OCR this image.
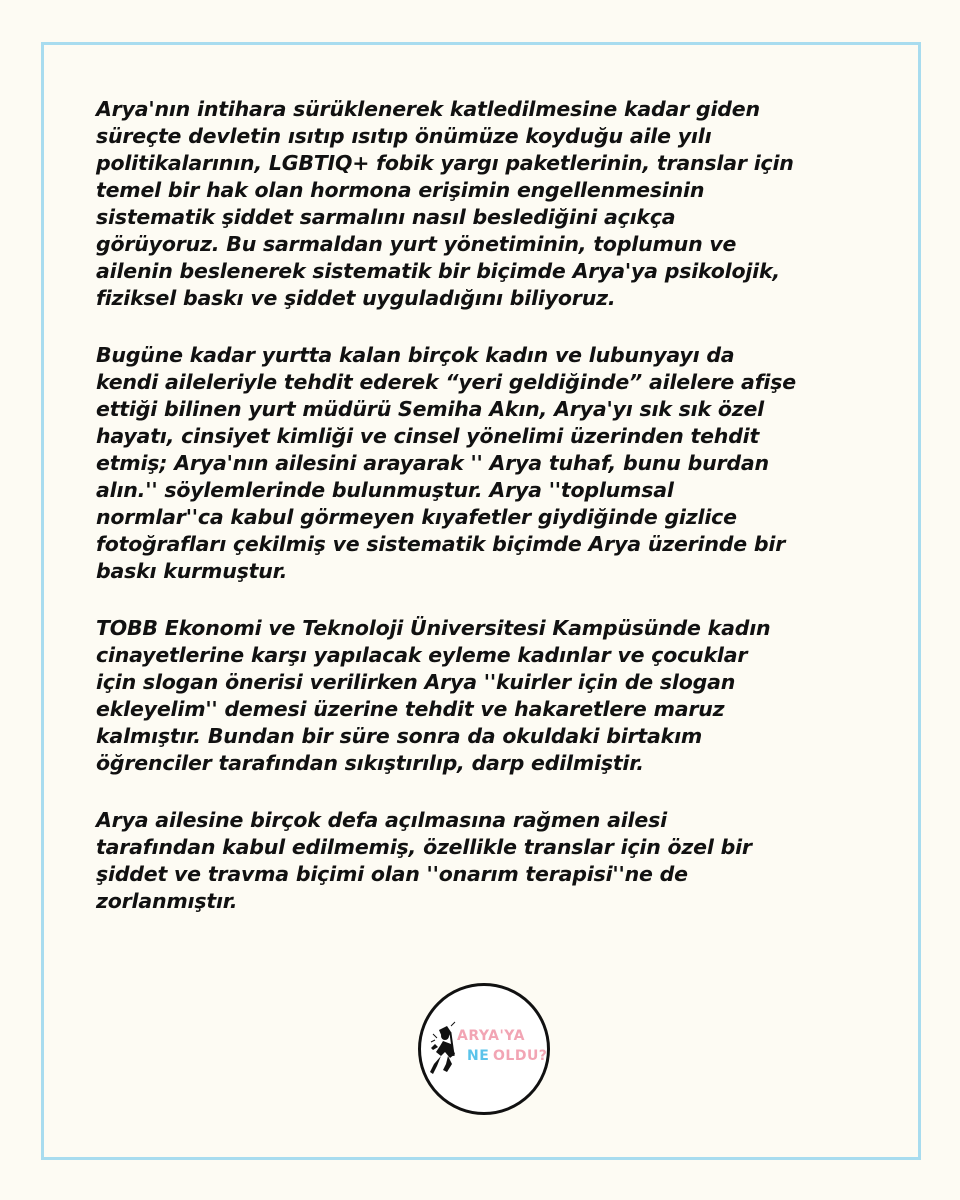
Arya'nın intihara sürüklenerek katledilmesine kadar giden
süreçte devletin ısıtıp ısıtıp önümüze koyduğu aile yılı
politikalarının, LGBTIQ+ fobik yargı paketlerinin, translar için
temel bir hak olan hormona erişimin engellenmesinin
sistematik şiddet sarmalını nasıl beslediğini açıkça
görüyoruz. Bu sarmaldan yurt yönetiminin, toplumun ve
ailenin beslenerek sistematik bir biçimde Arya'ya psikolojik,
fiziksel baskı ve şiddet uyguladığını biliyoruz.
Bugüne kadar yurtta kalan birçok kadın ve lubunyayı da
kendi aileleriyle tehdit ederek “yeri geldiğinde” ailelere afişe
ettiği bilinen yurt müdürü Semiha Akın, Arya'yı sık sık özel
hayatı, cinsiyet kimliği ve cinsel yönelimi üzerinden tehdit
etmiş; Arya'nın ailesini arayarak '' Arya tuhaf, bunu burdan
alın.'' söylemlerinde bulunmuştur. Arya ''toplumsal
normlar''ca kabul görmeyen kıyafetler giydiğinde gizlice
fotoğrafları çekilmiş ve sistematik biçimde Arya üzerinde bir
baskı kurmuştur.
TOBB Ekonomi ve Teknoloji Üniversitesi Kampüsünde kadın
cinayetlerine karşı yapılacak eyleme kadınlar ve çocuklar
için slogan önerisi verilirken Arya ''kuirler için de slogan
ekleyelim'' demesi üzerine tehdit ve hakaretlere maruz
kalmıştır. Bundan bir süre sonra da okuldaki birtakım
öğrenciler tarafından sıkıştırılıp, darp edilmiştir.
Arya ailesine birçok defa açılmasına rağmen ailesi
tarafından kabul edilmemiş, özellikle translar için özel bir
şiddet ve travma biçimi olan ''onarım terapisi''ne de
zorlanmıştır.
ARYA'YA
NE OLDU?
